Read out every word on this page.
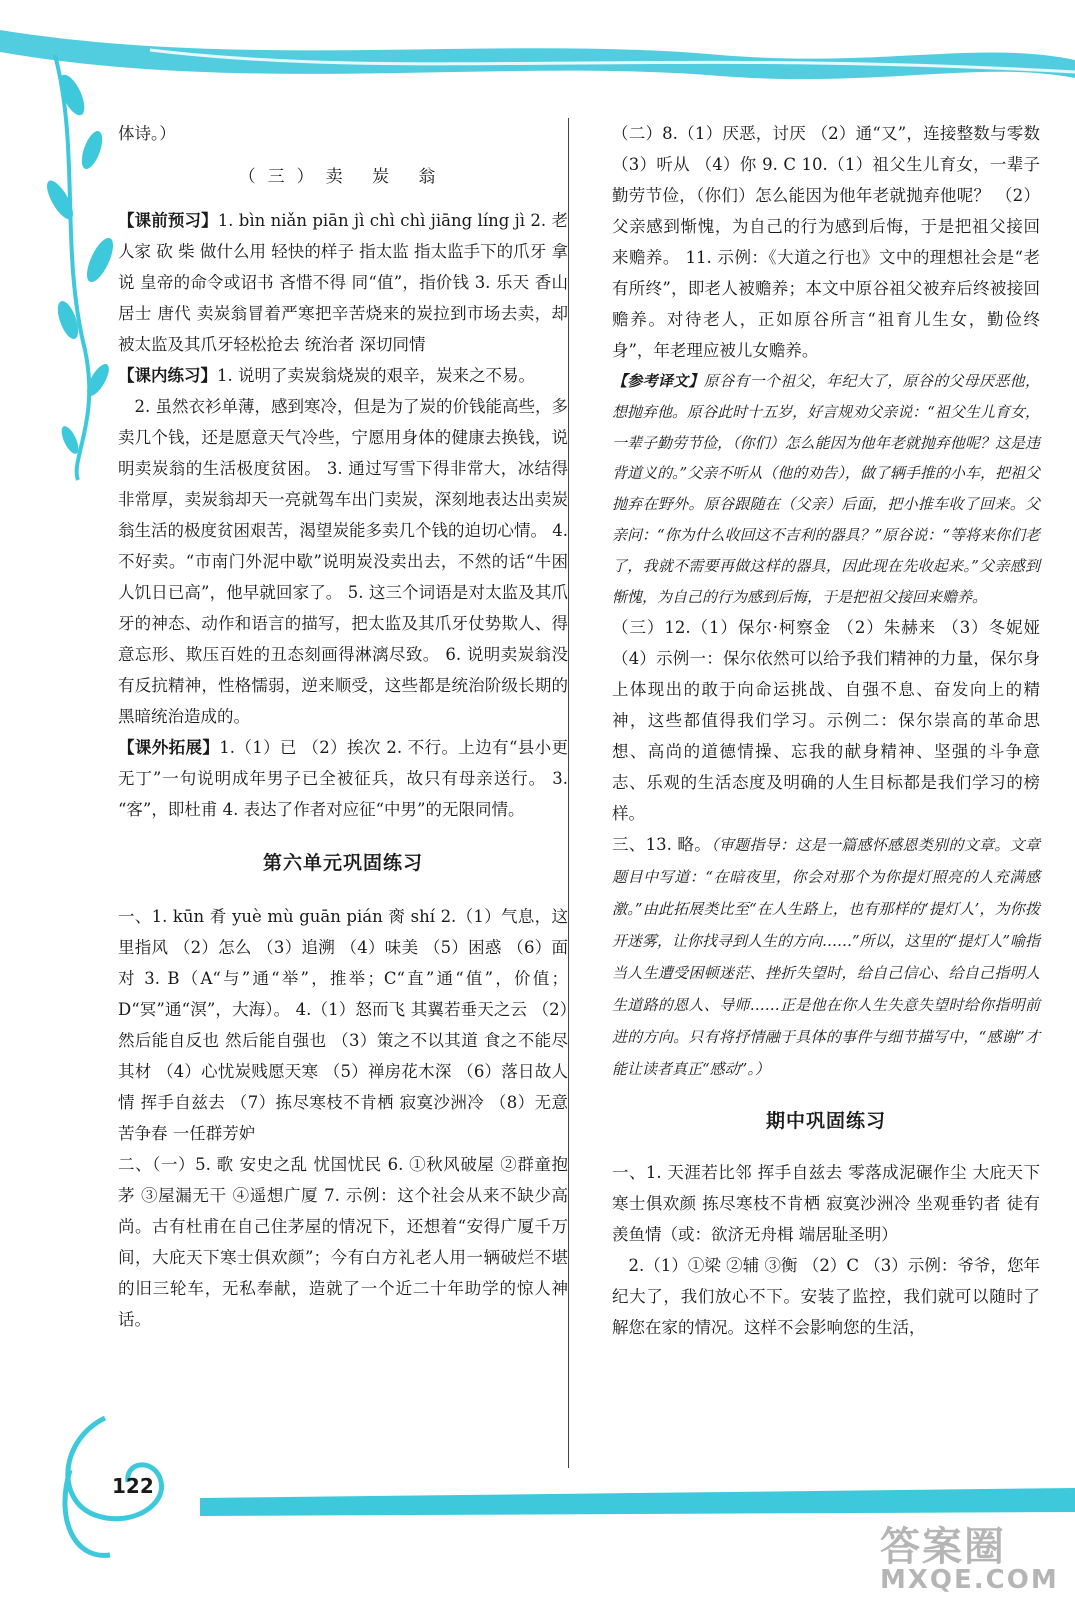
体诗。）

（三）卖 炭 翁

【课前预习】1. bìn niǎn piān jì chì chì jiāng líng jì 2. 老人家 砍 柴 做什么用 轻快的样子 指太监 指太监手下的爪牙 拿 说 皇帝的命令或诏书 吝惜不得 同“值”，指价钱 3. 乐天 香山居士 唐代 卖炭翁冒着严寒把辛苦烧来的炭拉到市场去卖，却被太监及其爪牙轻松抢去 统治者 深切同情

【课内练习】1. 说明了卖炭翁烧炭的艰辛，炭来之不易。

2. 虽然衣衫单薄，感到寒冷，但是为了炭的价钱能高些，多卖几个钱，还是愿意天气冷些，宁愿用身体的健康去换钱，说明卖炭翁的生活极度贫困。 3. 通过写雪下得非常大，冰结得非常厚，卖炭翁却天一亮就驾车出门卖炭，深刻地表达出卖炭翁生活的极度贫困艰苦，渴望炭能多卖几个钱的迫切心情。 4. 不好卖。“市南门外泥中歇”说明炭没卖出去，不然的话“牛困人饥日已高”，他早就回家了。 5. 这三个词语是对太监及其爪牙的神态、动作和语言的描写，把太监及其爪牙仗势欺人、得意忘形、欺压百姓的丑态刻画得淋漓尽致。 6. 说明卖炭翁没有反抗精神，性格懦弱，逆来顺受，这些都是统治阶级长期的黑暗统治造成的。

【课外拓展】1.（1）已 （2）挨次 2. 不行。上边有“县小更无丁”一句说明成年男子已全被征兵，故只有母亲送行。 3. “客”，即杜甫 4. 表达了作者对应征“中男”的无限同情。

第六单元巩固练习

一、1. kūn 肴 yuè mù guān pián 脔 shí 2.（1）气息，这里指风 （2）怎么 （3）追溯 （4）味美 （5）困惑 （6）面对 3. B（A“与”通“举”，推举；C“直”通“值”，价值；D“冥”通“溟”，大海）。 4.（1）怒而飞 其翼若垂天之云 （2）然后能自反也 然后能自强也 （3）策之不以其道 食之不能尽其材 （4）心忧炭贱愿天寒 （5）禅房花木深 （6）落日故人情 挥手自兹去 （7）拣尽寒枝不肯栖 寂寞沙洲冷 （8）无意苦争春 一任群芳妒

二、（一）5. 歌 安史之乱 忧国忧民 6. ①秋风破屋 ②群童抱茅 ③屋漏无干 ④遥想广厦 7. 示例：这个社会从来不缺少高尚。古有杜甫在自己住茅屋的情况下，还想着“安得广厦千万间，大庇天下寒士俱欢颜”；今有白方礼老人用一辆破烂不堪的旧三轮车，无私奉献，造就了一个近二十年助学的惊人神话。

（二）8.（1）厌恶，讨厌 （2）通“又”，连接整数与零数 （3）听从 （4）你 9. C 10.（1）祖父生儿育女，一辈子勤劳节俭，（你们）怎么能因为他年老就抛弃他呢？ （2）父亲感到惭愧，为自己的行为感到后悔，于是把祖父接回来赡养。 11. 示例：《大道之行也》文中的理想社会是“老有所终”，即老人被赡养；本文中原谷祖父被弃后终被接回赡养。对待老人，正如原谷所言“祖育儿生女，勤俭终身”，年老理应被儿女赡养。

【参考译文】原谷有一个祖父，年纪大了，原谷的父母厌恶他，想抛弃他。原谷此时十五岁，好言规劝父亲说：“祖父生儿育女，一辈子勤劳节俭，（你们）怎么能因为他年老就抛弃他呢？这是违背道义的。”父亲不听从（他的劝告），做了辆手推的小车，把祖父抛弃在野外。原谷跟随在（父亲）后面，把小推车收了回来。父亲问：“你为什么收回这不吉利的器具？”原谷说：“等将来你们老了，我就不需要再做这样的器具，因此现在先收起来。”父亲感到惭愧，为自己的行为感到后悔，于是把祖父接回来赡养。

（三）12.（1）保尔·柯察金 （2）朱赫来 （3）冬妮娅 （4）示例一：保尔依然可以给予我们精神的力量，保尔身上体现出的敢于向命运挑战、自强不息、奋发向上的精神，这些都值得我们学习。示例二：保尔崇高的革命思想、高尚的道德情操、忘我的献身精神、坚强的斗争意志、乐观的生活态度及明确的人生目标都是我们学习的榜样。

三、13. 略。（审题指导：这是一篇感怀感恩类别的文章。文章题目中写道：“在暗夜里，你会对那个为你提灯照亮的人充满感激。”由此拓展类比至“在人生路上，也有那样的‘提灯人’，为你拨开迷雾，让你找寻到人生的方向……”所以，这里的“提灯人”喻指当人生遭受困顿迷茫、挫折失望时，给自己信心、给自己指明人生道路的恩人、导师……正是他在你人生失意失望时给你指明前进的方向。只有将抒情融于具体的事件与细节描写中，“感谢”才能让读者真正“感动”。）

期中巩固练习

一、1. 天涯若比邻 挥手自兹去 零落成泥碾作尘 大庇天下寒士俱欢颜 拣尽寒枝不肯栖 寂寞沙洲冷 坐观垂钓者 徒有羡鱼情（或：欲济无舟楫 端居耻圣明）

2.（1）①梁 ②辅 ③衡 （2）C （3）示例：爷爷，您年纪大了，我们放心不下。安装了监控，我们就可以随时了解您在家的情况。这样不会影响您的生活，

122
答案圈
MXQE.COM
